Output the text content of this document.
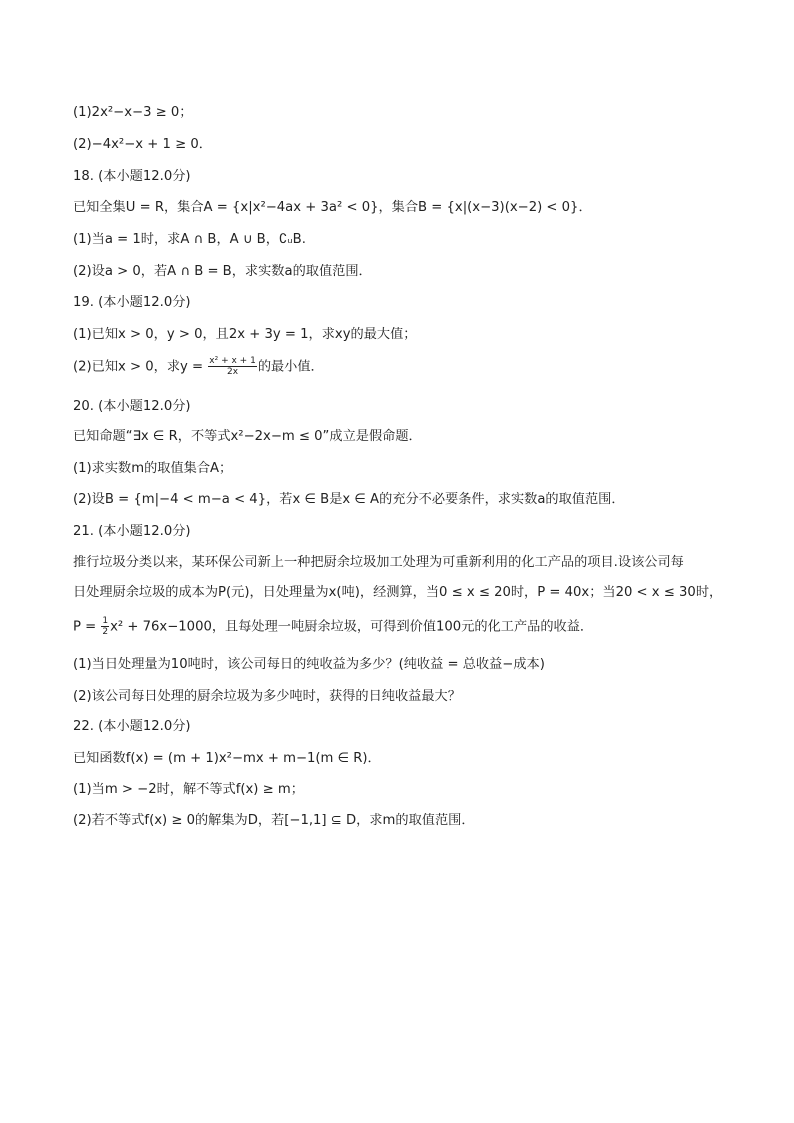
(1)2x²−x−3 ≥ 0；
(2)−4x²−x + 1 ≥ 0．
18. (本小题12.0分)
已知全集U = R，集合A = {x|x²−4ax + 3a² < 0}，集合B = {x|(x−3)(x−2) < 0}．
(1)当a = 1时，求A ∩ B，A ∪ B，∁ᵤB.
(2)设a > 0，若A ∩ B = B，求实数a的取值范围．
19. (本小题12.0分)
(1)已知x > 0，y > 0，且2x + 3y = 1，求xy的最大值；
(2)已知x > 0，求$y = \frac{\text{x² + x + 1}}{2x}$ 的最小值．
20. (本小题12.0分)
已知命题“∃x ∈ R，不等式x²−2x−m ≤ 0”成立是假命题．
(1)求实数m的取值集合A；
(2)设B = {m|−4 < m−a < 4}，若x ∈ B是x ∈ A的充分不必要条件，求实数a的取值范围．
21. (本小题12.0分)
推行垃圾分类以来，某环保公司新上一种把厨余垃圾加工处理为可重新利用的化工产品的项目.设该公司每
日处理厨余垃圾的成本为P(元)，日处理量为x(吨)，经测算，当0 ≤ x ≤ 20时，P = 40x；当20 < x ≤ 30时，
$P = \frac{1}{2} x^2 + 76x-1000$，且每处理一吨厨余垃圾，可得到价值100元的化工产品的收益．
(1)当日处理量为10吨时，该公司每日的纯收益为多少？(纯收益 = 总收益−成本)
(2)该公司每日处理的厨余垃圾为多少吨时，获得的日纯收益最大？
22. (本小题12.0分)
已知函数f(x) = (m + 1)x²−mx + m−1(m ∈ R)．
(1)当m > −2时，解不等式f(x) ≥ m；
(2)若不等式f(x) ≥ 0的解集为D，若[−1,1] ⊆ D，求m的取值范围．
